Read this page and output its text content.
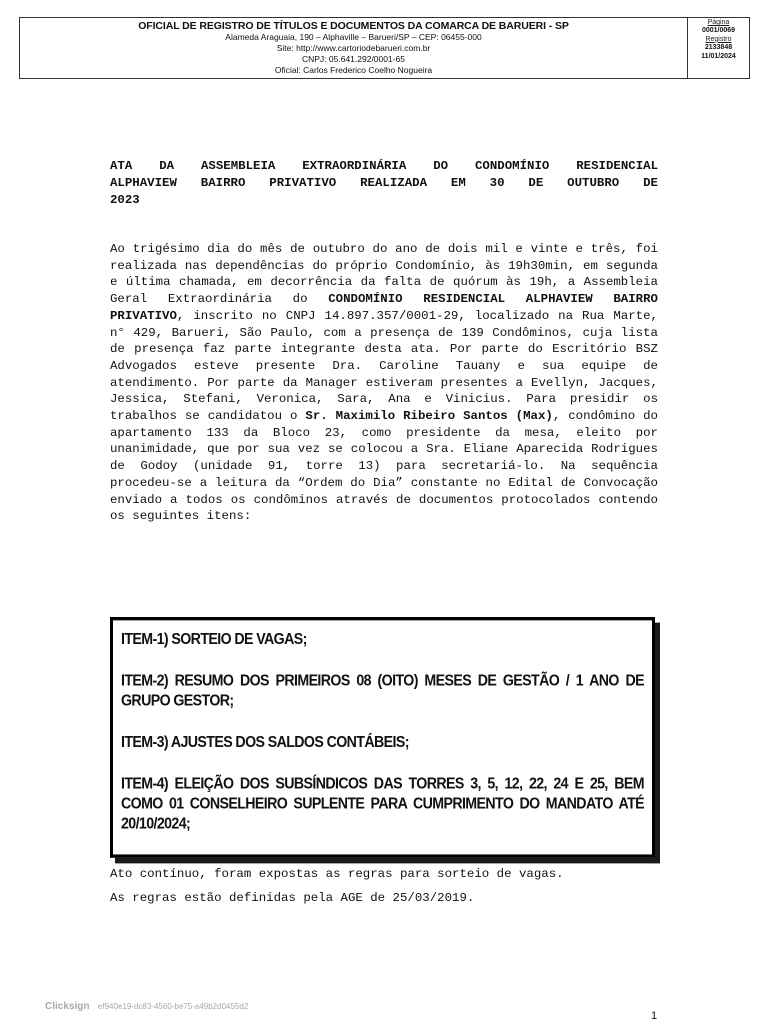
OFICIAL DE REGISTRO DE TÍTULOS E DOCUMENTOS DA COMARCA DE BARUERI - SP
Alameda Araguaia, 190 – Alphaville – Barueri/SP – CEP: 06455-000
Site: http://www.cartoriodebarueri.com.br
CNPJ: 05.641.292/0001-65
Oficial: Carlos Frederico Coelho Nogueira
Página
0001/0069
Registro
2133848
11/01/2024
ATA DA ASSEMBLEIA EXTRAORDINÁRIA DO CONDOMÍNIO RESIDENCIAL
ALPHAVIEW BAIRRO PRIVATIVO REALIZADA EM 30 DE OUTUBRO DE
2023

Ao trigésimo dia do mês de outubro do ano de dois mil e vinte e três, foi realizada nas dependências do próprio Condomínio, às 19h30min, em segunda e última chamada, em decorrência da falta de quórum às 19h, a Assembleia Geral Extraordinária do CONDOMÍNIO RESIDENCIAL ALPHAVIEW BAIRRO PRIVATIVO, inscrito no CNPJ 14.897.357/0001-29, localizado na Rua Marte, n° 429, Barueri, São Paulo, com a presença de 139 Condôminos, cuja lista de presença faz parte integrante desta ata. Por parte do Escritório BSZ Advogados esteve presente Dra. Caroline Tauany e sua equipe de atendimento. Por parte da Manager estiveram presentes a Evellyn, Jacques, Jessica, Stefani, Veronica, Sara, Ana e Vinicius. Para presidir os trabalhos se candidatou o Sr. Maximilo Ribeiro Santos (Max), condômino do apartamento 133 da Bloco 23, como presidente da mesa, eleito por unanimidade, que por sua vez se colocou a Sra. Eliane Aparecida Rodrigues de Godoy (unidade 91, torre 13) para secretariá-lo. Na sequência procedeu-se a leitura da “Ordem do Dia” constante no Edital de Convocação enviado a todos os condôminos através de documentos protocolados contendo os seguintes itens:

ITEM-1) SORTEIO DE VAGAS;
ITEM-2) RESUMO DOS PRIMEIROS 08 (OITO) MESES DE GESTÃO / 1 ANO DE GRUPO GESTOR;
ITEM-3) AJUSTES DOS SALDOS CONTÁBEIS;
ITEM-4) ELEIÇÃO DOS SUBSÍNDICOS DAS TORRES 3, 5, 12, 22, 24 E 25, BEM COMO 01 CONSELHEIRO SUPLENTE PARA CUMPRIMENTO DO MANDATO ATÉ 20/10/2024;

Ato contínuo, foram expostas as regras para sorteio de vagas.

As regras estão definidas pela AGE de 25/03/2019.

Clicksign ef940e19-dc83-4560-be75-a49b2d0455d2
1
